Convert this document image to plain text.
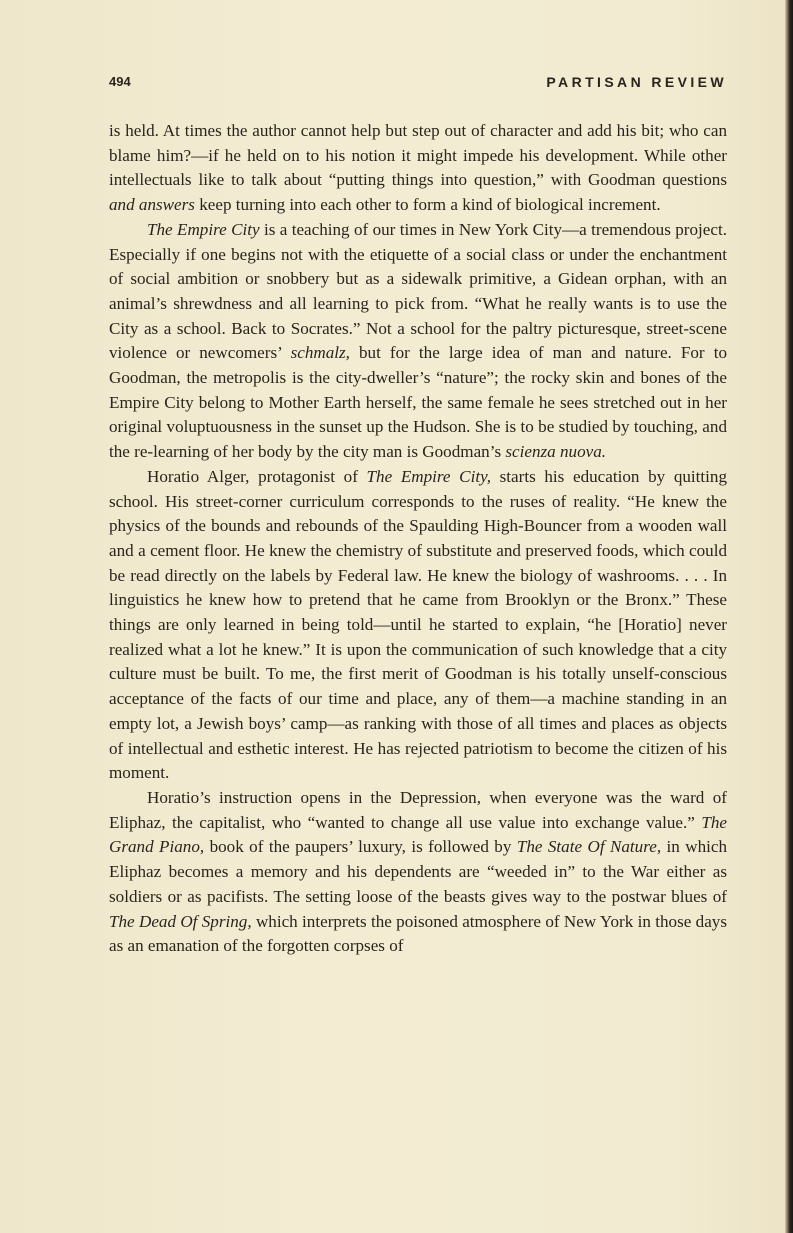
494	PARTISAN REVIEW

is held. At times the author cannot help but step out of character and add his bit; who can blame him?—if he held on to his notion it might impede his development. While other intellectuals like to talk about “putting things into question,” with Goodman questions and answers keep turning into each other to form a kind of biological increment.

The Empire City is a teaching of our times in New York City—a tremendous project. Especially if one begins not with the etiquette of a social class or under the enchantment of social ambition or snobbery but as a sidewalk primitive, a Gidean orphan, with an animal’s shrewdness and all learning to pick from. “What he really wants is to use the City as a school. Back to Socrates.” Not a school for the paltry picturesque, street-scene violence or newcomers’ schmalz, but for the large idea of man and nature. For to Goodman, the metropolis is the city-dweller’s “nature”; the rocky skin and bones of the Empire City belong to Mother Earth herself, the same female he sees stretched out in her original voluptuousness in the sunset up the Hudson. She is to be studied by touching, and the re-learning of her body by the city man is Goodman’s scienza nuova.

Horatio Alger, protagonist of The Empire City, starts his education by quitting school. His street-corner curriculum corresponds to the ruses of reality. “He knew the physics of the bounds and rebounds of the Spaulding High-Bouncer from a wooden wall and a cement floor. He knew the chemistry of substitute and preserved foods, which could be read directly on the labels by Federal law. He knew the biology of washrooms. . . . In linguistics he knew how to pretend that he came from Brooklyn or the Bronx.” These things are only learned in being told—until he started to explain, “he [Horatio] never realized what a lot he knew.” It is upon the communication of such knowledge that a city culture must be built. To me, the first merit of Goodman is his totally unself-conscious acceptance of the facts of our time and place, any of them—a machine standing in an empty lot, a Jewish boys’ camp—as ranking with those of all times and places as objects of intellectual and esthetic interest. He has rejected patriotism to become the citizen of his moment.

Horatio’s instruction opens in the Depression, when everyone was the ward of Eliphaz, the capitalist, who “wanted to change all use value into exchange value.” The Grand Piano, book of the paupers’ luxury, is followed by The State Of Nature, in which Eliphaz becomes a memory and his dependents are “weeded in” to the War either as soldiers or as pacifists. The setting loose of the beasts gives way to the postwar blues of The Dead Of Spring, which interprets the poisoned atmosphere of New York in those days as an emanation of the forgotten corpses of
